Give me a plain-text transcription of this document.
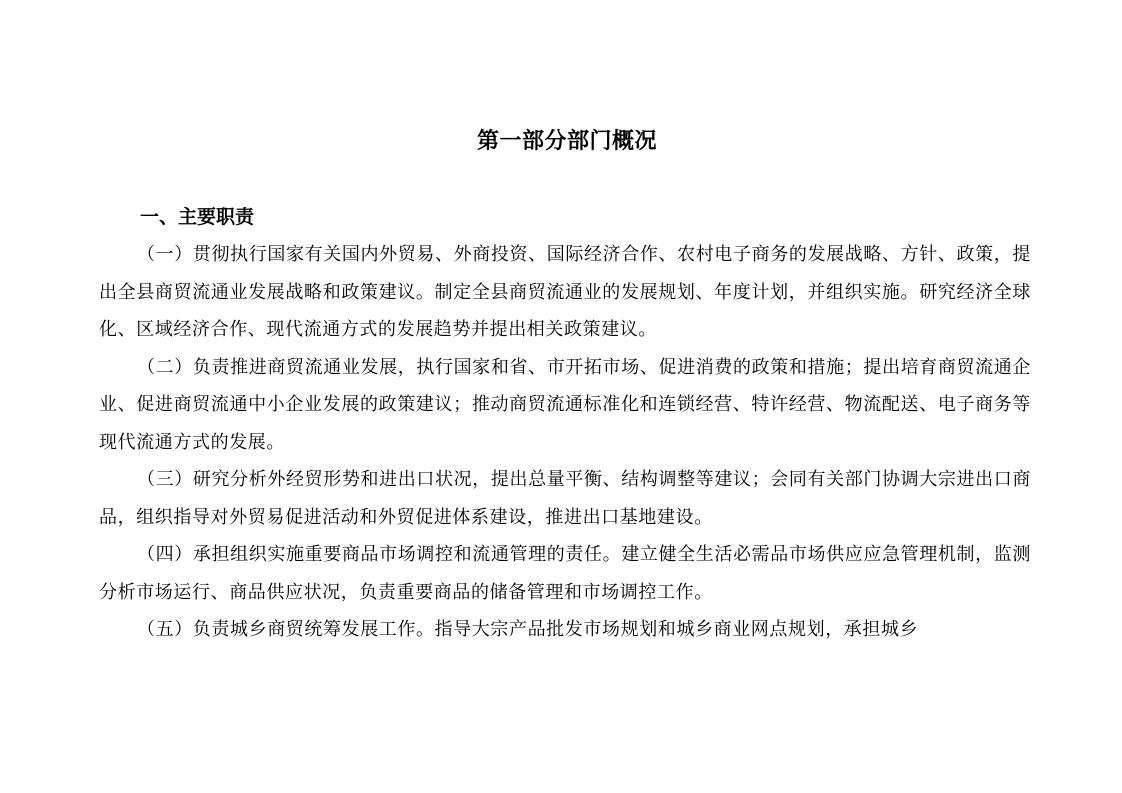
第一部分部门概况
一、主要职责

（一）贯彻执行国家有关国内外贸易、外商投资、国际经济合作、农村电子商务的发展战略、方针、政策，提出全县商贸流通业发展战略和政策建议。制定全县商贸流通业的发展规划、年度计划，并组织实施。研究经济全球化、区域经济合作、现代流通方式的发展趋势并提出相关政策建议。

（二）负责推进商贸流通业发展，执行国家和省、市开拓市场、促进消费的政策和措施；提出培育商贸流通企业、促进商贸流通中小企业发展的政策建议；推动商贸流通标准化和连锁经营、特许经营、物流配送、电子商务等现代流通方式的发展。

（三）研究分析外经贸形势和进出口状况，提出总量平衡、结构调整等建议；会同有关部门协调大宗进出口商品，组织指导对外贸易促进活动和外贸促进体系建设，推进出口基地建设。

（四）承担组织实施重要商品市场调控和流通管理的责任。建立健全生活必需品市场供应应急管理机制，监测分析市场运行、商品供应状况，负责重要商品的储备管理和市场调控工作。

（五）负责城乡商贸统筹发展工作。指导大宗产品批发市场规划和城乡商业网点规划，承担城乡
